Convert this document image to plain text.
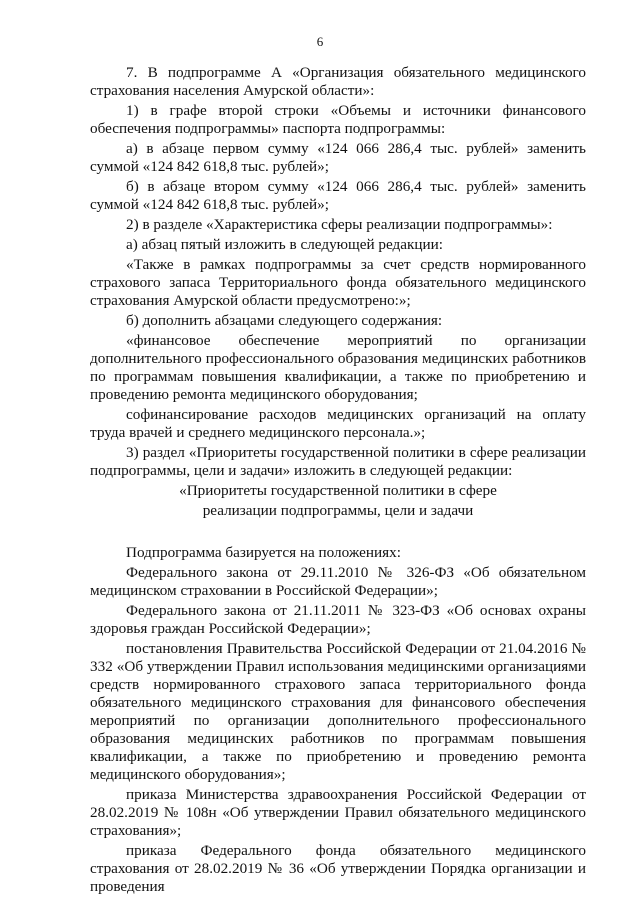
6

7. В подпрограмме А «Организация обязательного медицинского страхования населения Амурской области»:

1) в графе второй строки «Объемы и источники финансового обеспечения подпрограммы» паспорта подпрограммы:

а) в абзаце первом сумму «124 066 286,4 тыс. рублей» заменить суммой «124 842 618,8 тыс. рублей»;

б) в абзаце втором сумму «124 066 286,4 тыс. рублей» заменить суммой «124 842 618,8 тыс. рублей»;

2) в разделе «Характеристика сферы реализации подпрограммы»:

а) абзац пятый изложить в следующей редакции:

«Также в рамках подпрограммы за счет средств нормированного страхового запаса Территориального фонда обязательного медицинского страхования Амурской области предусмотрено:»;

б) дополнить абзацами следующего содержания:

«финансовое обеспечение мероприятий по организации дополнительного профессионального образования медицинских работников по программам повышения квалификации, а также по приобретению и проведению ремонта медицинского оборудования;

софинансирование расходов медицинских организаций на оплату труда врачей и среднего медицинского персонала.»;

3) раздел «Приоритеты государственной политики в сфере реализации подпрограммы, цели и задачи» изложить в следующей редакции:

«Приоритеты государственной политики в сфере

реализации подпрограммы, цели и задачи

Подпрограмма базируется на положениях:

Федерального закона от 29.11.2010 № 326-ФЗ «Об обязательном медицинском страховании в Российской Федерации»;

Федерального закона от 21.11.2011 № 323-ФЗ «Об основах охраны здоровья граждан Российской Федерации»;

постановления Правительства Российской Федерации от 21.04.2016 № 332 «Об утверждении Правил использования медицинскими организациями средств нормированного страхового запаса территориального фонда обязательного медицинского страхования для финансового обеспечения мероприятий по организации дополнительного профессионального образования медицинских работников по программам повышения квалификации, а также по приобретению и проведению ремонта медицинского оборудования»;

приказа Министерства здравоохранения Российской Федерации от 28.02.2019 № 108н «Об утверждении Правил обязательного медицинского страхования»;

приказа Федерального фонда обязательного медицинского страхования от 28.02.2019 № 36 «Об утверждении Порядка организации и проведения
